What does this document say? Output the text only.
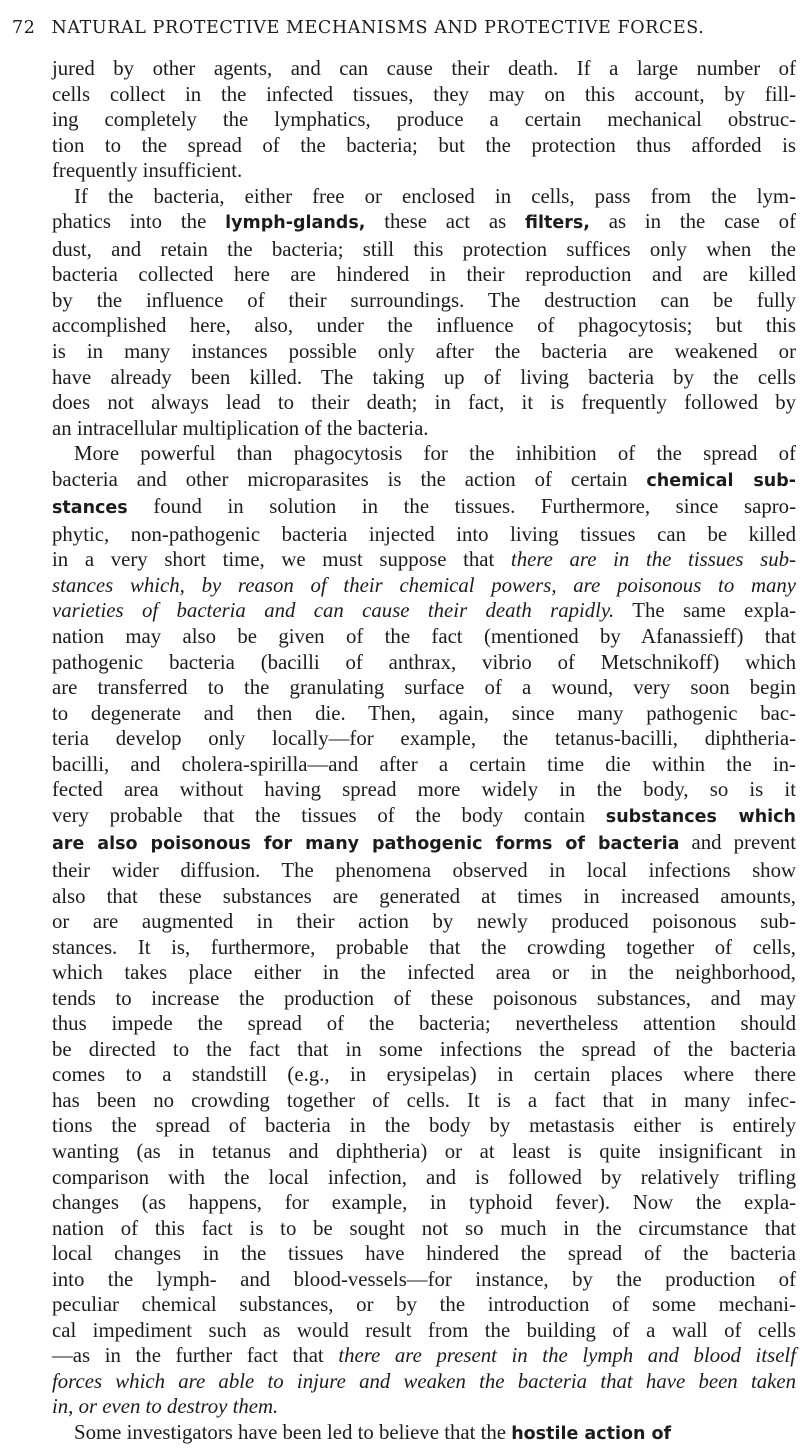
72 NATURAL PROTECTIVE MECHANISMS AND PROTECTIVE FORCES.
jured by other agents, and can cause their death. If a large number of
cells collect in the infected tissues, they may on this account, by fill-
ing completely the lymphatics, produce a certain mechanical obstruc-
tion to the spread of the bacteria; but the protection thus afforded is
frequently insufficient.
If the bacteria, either free or enclosed in cells, pass from the lym-
phatics into the lymph-glands, these act as filters, as in the case of
dust, and retain the bacteria; still this protection suffices only when the
bacteria collected here are hindered in their reproduction and are killed
by the influence of their surroundings. The destruction can be fully
accomplished here, also, under the influence of phagocytosis; but this
is in many instances possible only after the bacteria are weakened or
have already been killed. The taking up of living bacteria by the cells
does not always lead to their death; in fact, it is frequently followed by
an intracellular multiplication of the bacteria.
More powerful than phagocytosis for the inhibition of the spread of
bacteria and other microparasites is the action of certain chemical sub-
stances found in solution in the tissues. Furthermore, since sapro-
phytic, non-pathogenic bacteria injected into living tissues can be killed
in a very short time, we must suppose that there are in the tissues sub-
stances which, by reason of their chemical powers, are poisonous to many
varieties of bacteria and can cause their death rapidly. The same expla-
nation may also be given of the fact (mentioned by Afanassieff) that
pathogenic bacteria (bacilli of anthrax, vibrio of Metschnikoff) which
are transferred to the granulating surface of a wound, very soon begin
to degenerate and then die. Then, again, since many pathogenic bac-
teria develop only locally—for example, the tetanus-bacilli, diphtheria-
bacilli, and cholera-spirilla—and after a certain time die within the in-
fected area without having spread more widely in the body, so is it
very probable that the tissues of the body contain substances which
are also poisonous for many pathogenic forms of bacteria and prevent
their wider diffusion. The phenomena observed in local infections show
also that these substances are generated at times in increased amounts,
or are augmented in their action by newly produced poisonous sub-
stances. It is, furthermore, probable that the crowding together of cells,
which takes place either in the infected area or in the neighborhood,
tends to increase the production of these poisonous substances, and may
thus impede the spread of the bacteria; nevertheless attention should
be directed to the fact that in some infections the spread of the bacteria
comes to a standstill (e.g., in erysipelas) in certain places where there
has been no crowding together of cells. It is a fact that in many infec-
tions the spread of bacteria in the body by metastasis either is entirely
wanting (as in tetanus and diphtheria) or at least is quite insignificant in
comparison with the local infection, and is followed by relatively trifling
changes (as happens, for example, in typhoid fever). Now the expla-
nation of this fact is to be sought not so much in the circumstance that
local changes in the tissues have hindered the spread of the bacteria
into the lymph- and blood-vessels—for instance, by the production of
peculiar chemical substances, or by the introduction of some mechani-
cal impediment such as would result from the building of a wall of cells
—as in the further fact that there are present in the lymph and blood itself
forces which are able to injure and weaken the bacteria that have been taken
in, or even to destroy them.
Some investigators have been led to believe that the hostile action of
